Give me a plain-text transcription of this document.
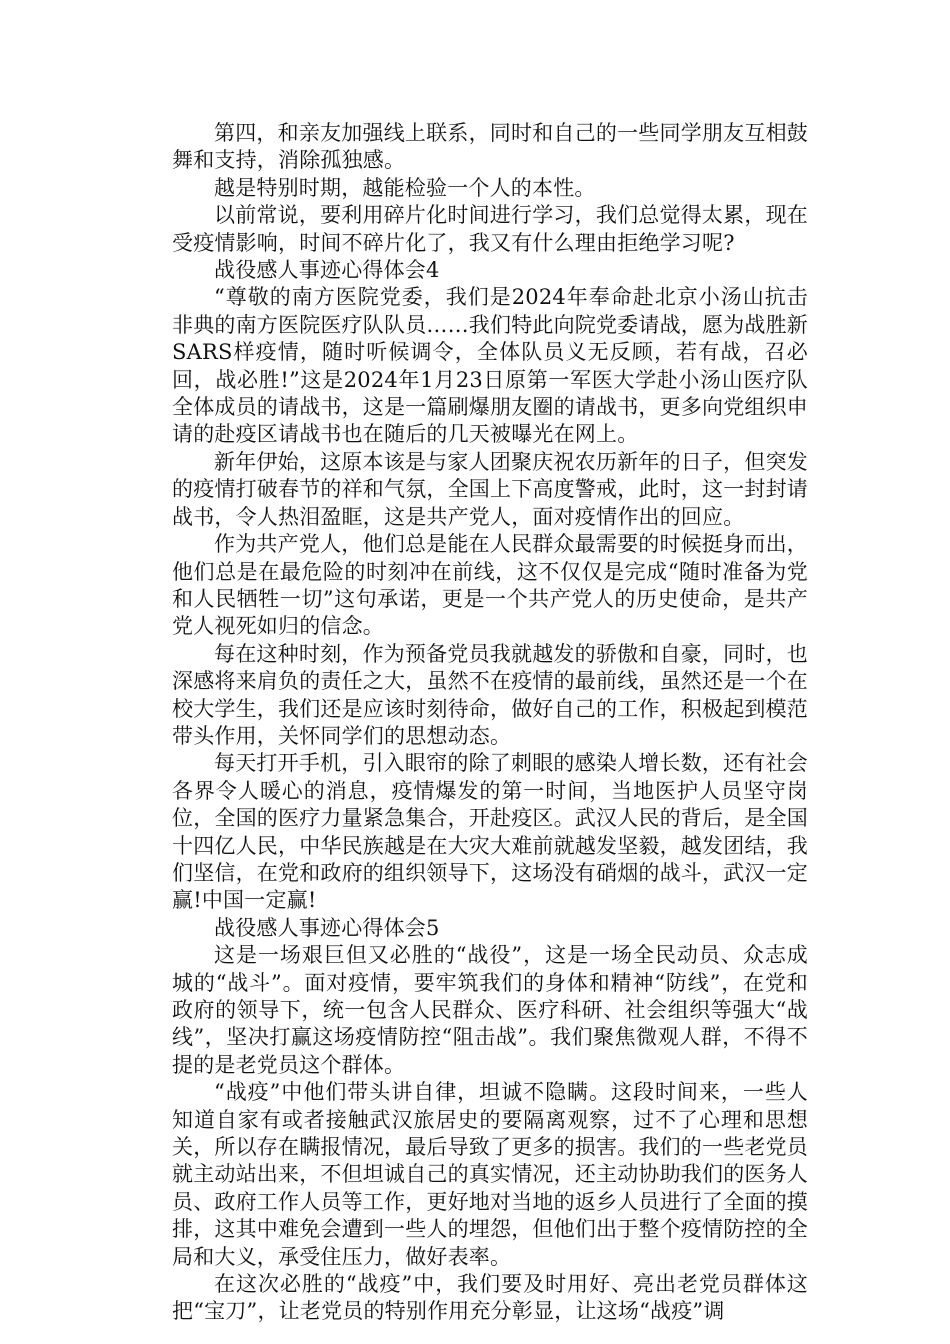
第四，和亲友加强线上联系，同时和自己的一些同学朋友互相鼓舞和支持，消除孤独感。

越是特别时期，越能检验一个人的本性。

以前常说，要利用碎片化时间进行学习，我们总觉得太累，现在受疫情影响，时间不碎片化了，我又有什么理由拒绝学习呢?

战役感人事迹心得体会4

“尊敬的南方医院党委，我们是2024年奉命赴北京小汤山抗击非典的南方医院医疗队队员……我们特此向院党委请战，愿为战胜新SARS样疫情，随时听候调令，全体队员义无反顾，若有战，召必回，战必胜!”这是2024年1月23日原第一军医大学赴小汤山医疗队全体成员的请战书，这是一篇刷爆朋友圈的请战书，更多向党组织申请的赴疫区请战书也在随后的几天被曝光在网上。

新年伊始，这原本该是与家人团聚庆祝农历新年的日子，但突发的疫情打破春节的祥和气氛，全国上下高度警戒，此时，这一封封请战书，令人热泪盈眶，这是共产党人，面对疫情作出的回应。

作为共产党人，他们总是能在人民群众最需要的时候挺身而出，他们总是在最危险的时刻冲在前线，这不仅仅是完成“随时准备为党和人民牺牲一切”这句承诺，更是一个共产党人的历史使命，是共产党人视死如归的信念。

每在这种时刻，作为预备党员我就越发的骄傲和自豪，同时，也深感将来肩负的责任之大，虽然不在疫情的最前线，虽然还是一个在校大学生，我们还是应该时刻待命，做好自己的工作，积极起到模范带头作用，关怀同学们的思想动态。

每天打开手机，引入眼帘的除了刺眼的感染人增长数，还有社会各界令人暖心的消息，疫情爆发的第一时间，当地医护人员坚守岗位，全国的医疗力量紧急集合，开赴疫区。武汉人民的背后，是全国十四亿人民，中华民族越是在大灾大难前就越发坚毅，越发团结，我们坚信，在党和政府的组织领导下，这场没有硝烟的战斗，武汉一定赢!中国一定赢!

战役感人事迹心得体会5

这是一场艰巨但又必胜的“战役”，这是一场全民动员、众志成城的“战斗”。面对疫情，要牢筑我们的身体和精神“防线”，在党和政府的领导下，统一包含人民群众、医疗科研、社会组织等强大“战线”，坚决打赢这场疫情防控“阻击战”。我们聚焦微观人群，不得不提的是老党员这个群体。

“战疫”中他们带头讲自律，坦诚不隐瞒。这段时间来，一些人知道自家有或者接触武汉旅居史的要隔离观察，过不了心理和思想关，所以存在瞒报情况，最后导致了更多的损害。我们的一些老党员就主动站出来，不但坦诚自己的真实情况，还主动协助我们的医务人员、政府工作人员等工作，更好地对当地的返乡人员进行了全面的摸排，这其中难免会遭到一些人的埋怨，但他们出于整个疫情防控的全局和大义，承受住压力，做好表率。

在这次必胜的“战疫”中，我们要及时用好、亮出老党员群体这把“宝刀”，让老党员的特别作用充分彰显，让这场“战疫”调
